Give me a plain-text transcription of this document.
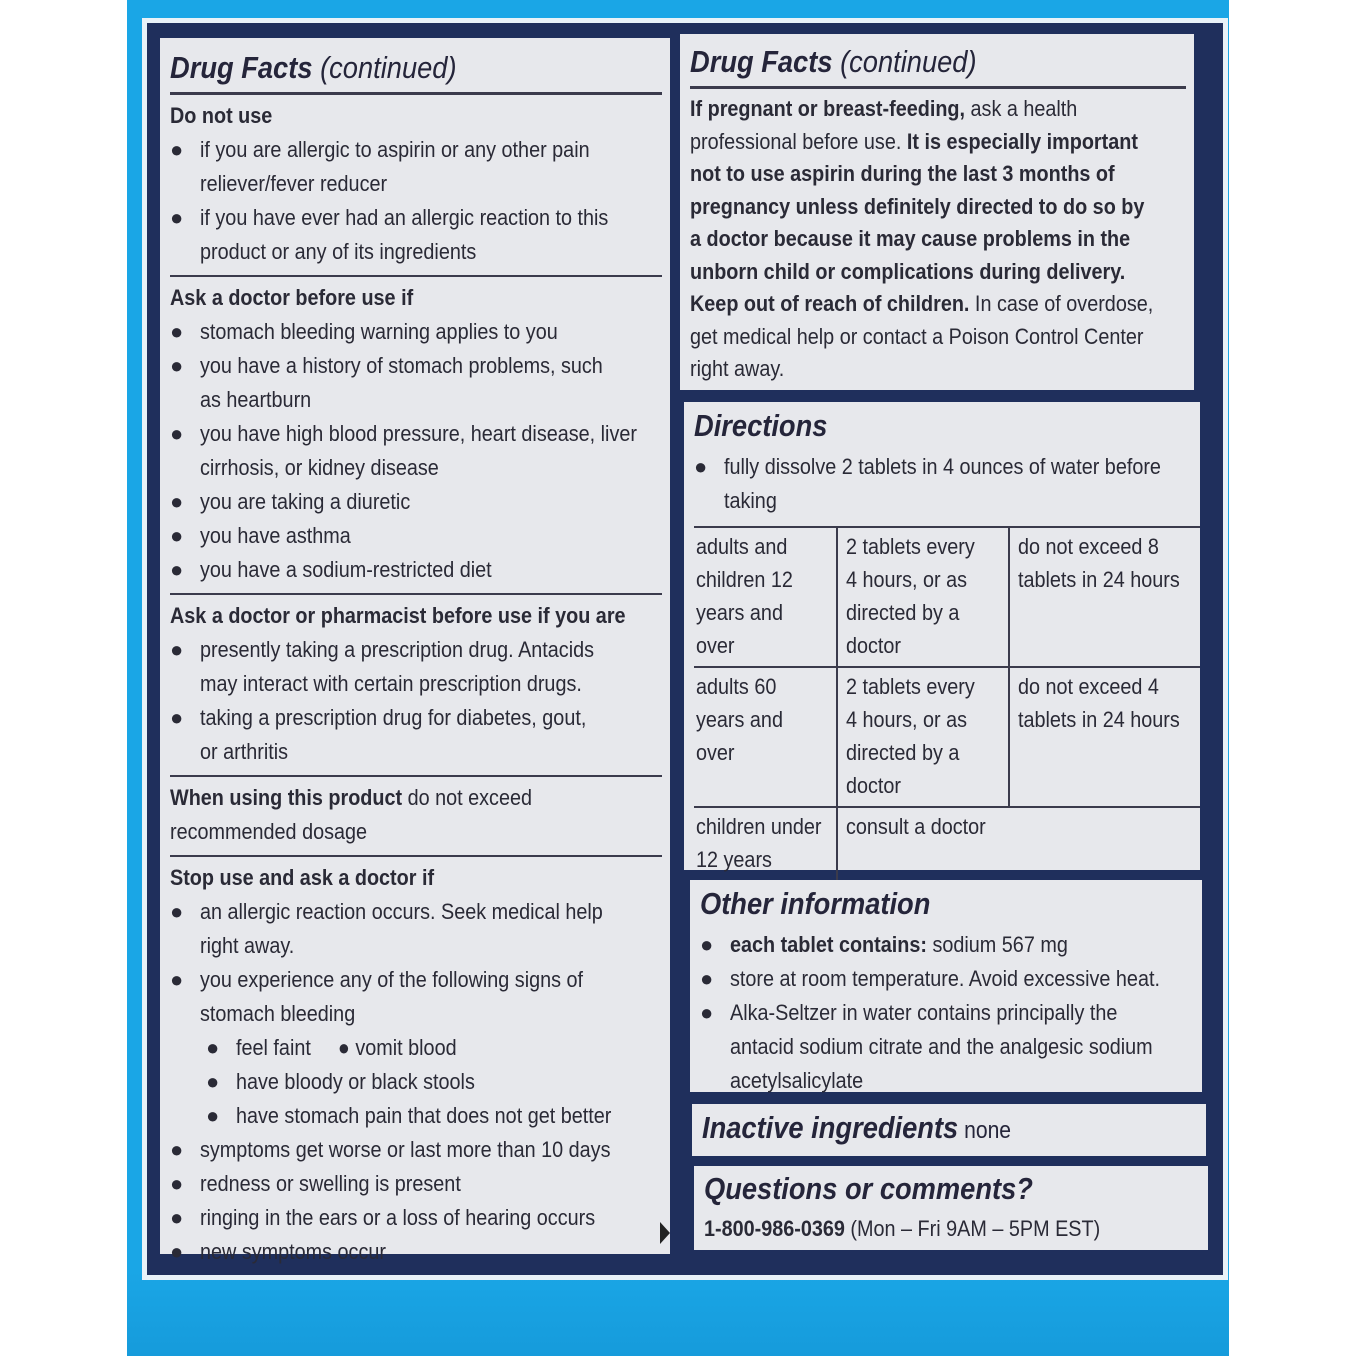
Drug Facts (continued)
Do not use
● if you are allergic to aspirin or any other pain
reliever/fever reducer
● if you have ever had an allergic reaction to this
product or any of its ingredients
Ask a doctor before use if
● stomach bleeding warning applies to you
● you have a history of stomach problems, such
as heartburn
● you have high blood pressure, heart disease, liver
cirrhosis, or kidney disease
● you are taking a diuretic
● you have asthma
● you have a sodium-restricted diet
Ask a doctor or pharmacist before use if you are
● presently taking a prescription drug. Antacids
may interact with certain prescription drugs.
● taking a prescription drug for diabetes, gout,
or arthritis
When using this product do not exceed
recommended dosage
Stop use and ask a doctor if
● an allergic reaction occurs. Seek medical help
right away.
● you experience any of the following signs of
stomach bleeding
● feel faint ● vomit blood
● have bloody or black stools
● have stomach pain that does not get better
● symptoms get worse or last more than 10 days
● redness or swelling is present
● ringing in the ears or a loss of hearing occurs
● new symptoms occur
Drug Facts (continued)
If pregnant or breast-feeding, ask a health
professional before use. It is especially important
not to use aspirin during the last 3 months of
pregnancy unless definitely directed to do so by
a doctor because it may cause problems in the
unborn child or complications during delivery.
Keep out of reach of children. In case of overdose,
get medical help or contact a Poison Control Center
right away.
Directions
● fully dissolve 2 tablets in 4 ounces of water before
taking
adults and
children 12
years and
over
2 tablets every
4 hours, or as
directed by a
doctor
do not exceed 8
tablets in 24 hours
adults 60
years and
over
2 tablets every
4 hours, or as
directed by a
doctor
do not exceed 4
tablets in 24 hours
children under
12 years
consult a doctor
Other information
● each tablet contains: sodium 567 mg
● store at room temperature. Avoid excessive heat.
● Alka-Seltzer in water contains principally the
antacid sodium citrate and the analgesic sodium
acetylsalicylate
Inactive ingredients none
Questions or comments?
1-800-986-0369 (Mon – Fri 9AM – 5PM EST)
